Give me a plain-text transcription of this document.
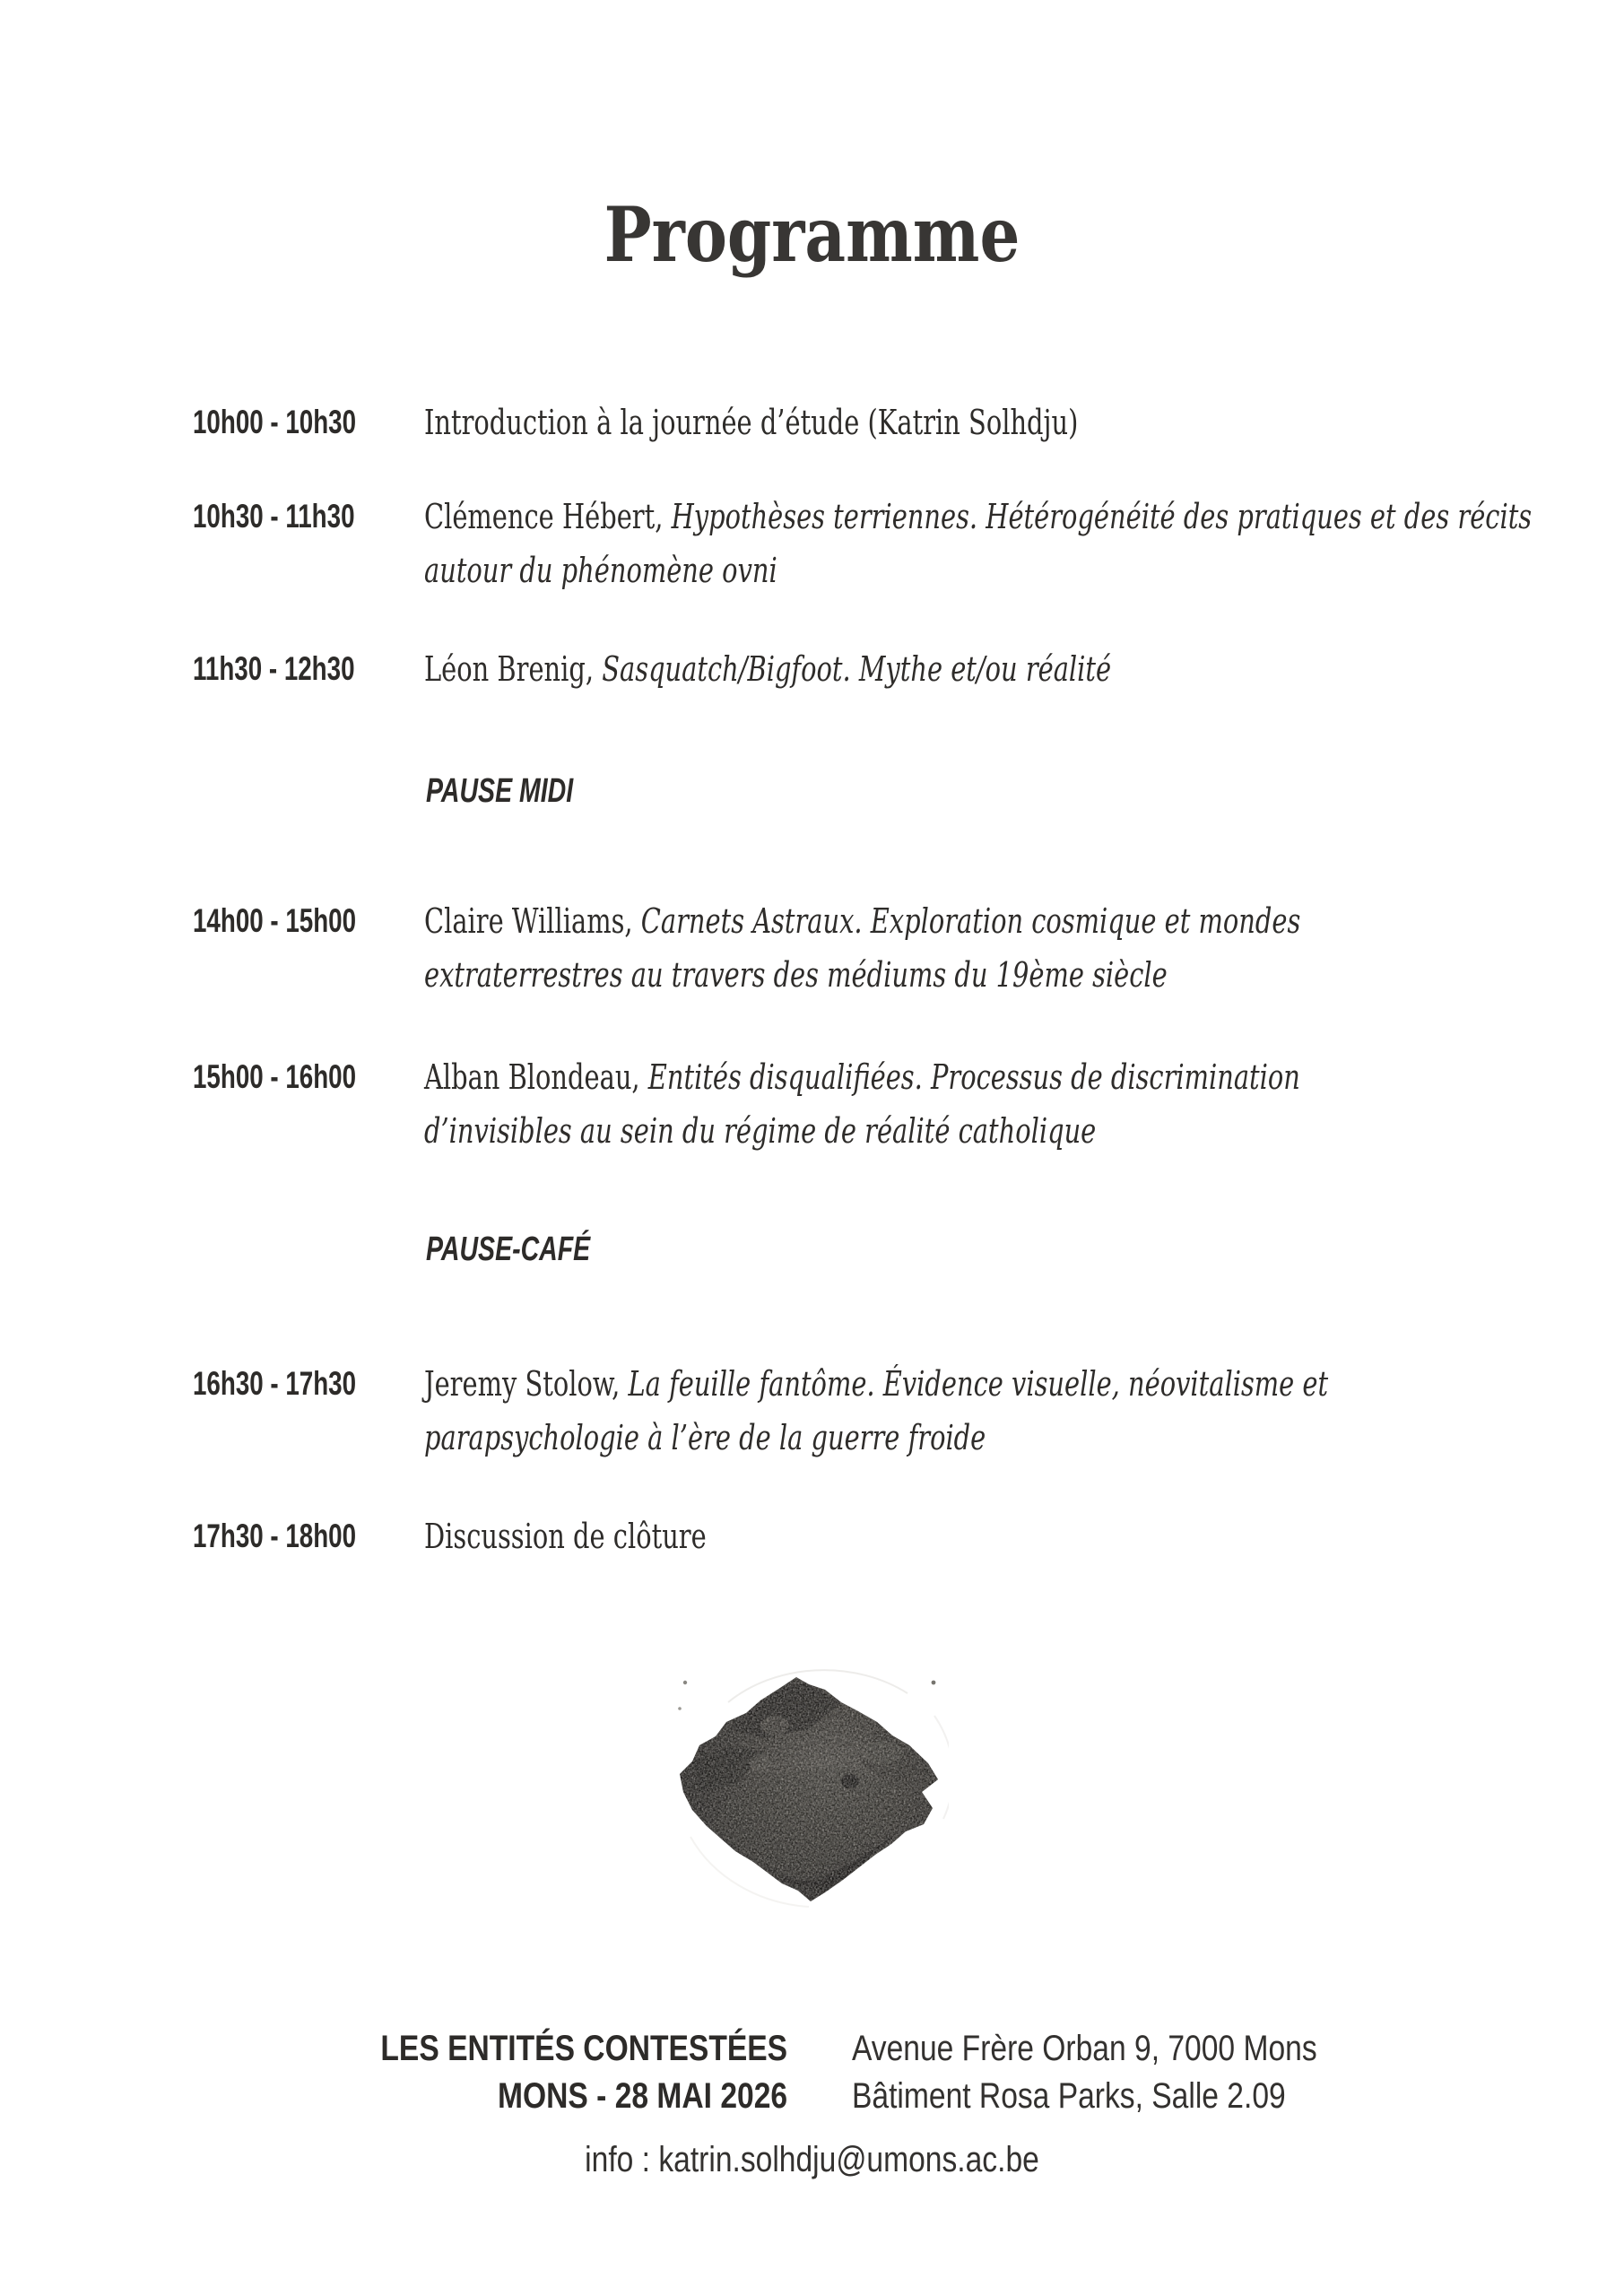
Programme
10h00 - 10h30 Introduction à la journée d’étude (Katrin Solhdju)
10h30 - 11h30 Clémence Hébert, Hypothèses terriennes. Hétérogénéité des pratiques et des récits autour du phénomène ovni
11h30 - 12h30 Léon Brenig, Sasquatch/Bigfoot. Mythe et/ou réalité
PAUSE MIDI
14h00 - 15h00 Claire Williams, Carnets Astraux. Exploration cosmique et mondes extraterrestres au travers des médiums du 19ème siècle
15h00 - 16h00 Alban Blondeau, Entités disqualifiées. Processus de discrimination d’invisibles au sein du régime de réalité catholique
PAUSE-CAFÉ
16h30 - 17h30 Jeremy Stolow, La feuille fantôme. Évidence visuelle, néovitalisme et parapsychologie à l’ère de la guerre froide
17h30 - 18h00 Discussion de clôture
LES ENTITÉS CONTESTÉES
MONS - 28 MAI 2026
Avenue Frère Orban 9, 7000 Mons
Bâtiment Rosa Parks, Salle 2.09
info : katrin.solhdju@umons.ac.be
